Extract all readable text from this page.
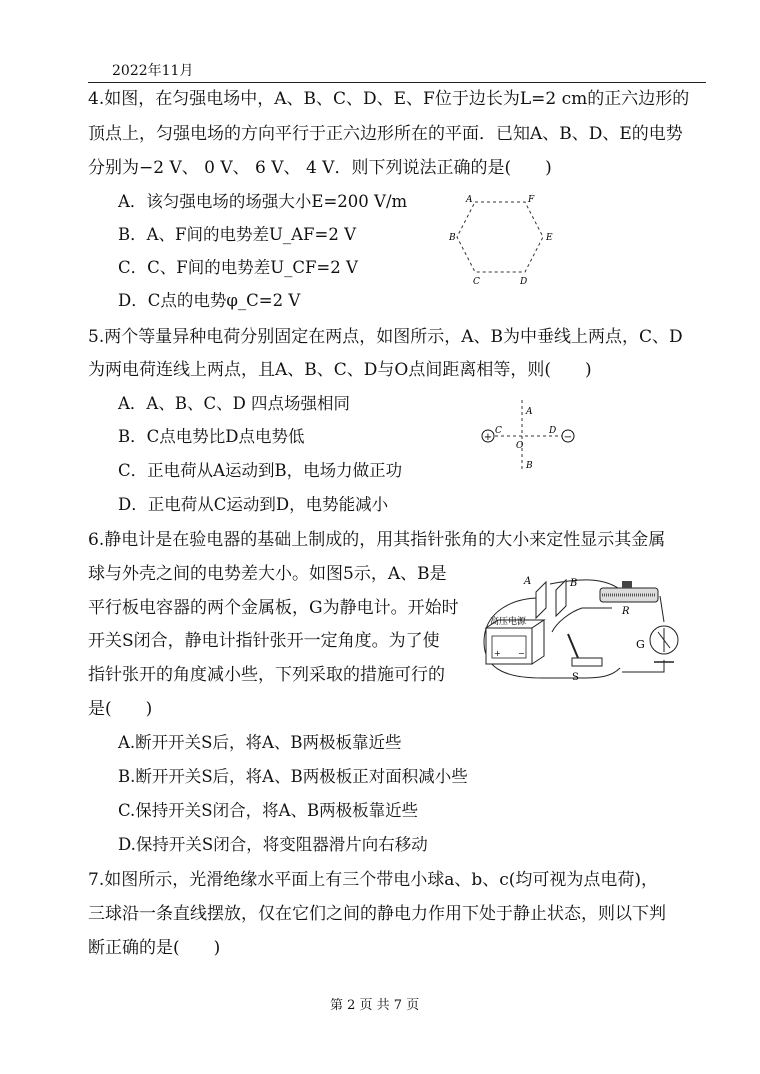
2022年11月
4.如图，在匀强电场中，A、B、C、D、E、F位于边长为L=2 cm的正六边形的
顶点上，匀强电场的方向平行于正六边形所在的平面．已知A、B、D、E的电势
分别为−2 V、 0 V、 6 V、 4 V．则下列说法正确的是(　　)
A．该匀强电场的场强大小E=200 V/m
B．A、F间的电势差U_AF=2 V
C．C、F间的电势差U_CF=2 V
D．C点的电势φ_C=2 V
A	F
B	E
C	D
5.两个等量异种电荷分别固定在两点，如图所示，A、B为中垂线上两点，C、D
为两电荷连线上两点，且A、B、C、D与O点间距离相等，则(　　)
A．A、B、C、D 四点场强相同
B．C点电势比D点电势低
C．正电荷从A运动到B，电场力做正功
D．正电荷从C运动到D，电势能减小
+	−
A
B
C	D
O
6.静电计是在验电器的基础上制成的，用其指针张角的大小来定性显示其金属
球与外壳之间的电势差大小。如图5示，A、B是
平行板电容器的两个金属板，G为静电计。开始时
开关S闭合，静电计指针张开一定角度。为了使
指针张开的角度减小些，下列采取的措施可行的
是(　　)
A.断开开关S后，将A、B两极板靠近些
B.断开开关S后，将A、B两极板正对面积减小些
C.保持开关S闭合，将A、B两极板靠近些
D.保持开关S闭合，将变阻器滑片向右移动
A	B
R
G
高压电源
+ −
S
7.如图所示，光滑绝缘水平面上有三个带电小球a、b、c(均可视为点电荷)，
三球沿一条直线摆放，仅在它们之间的静电力作用下处于静止状态，则以下判
断正确的是(　　)
第 2 页 共 7 页
